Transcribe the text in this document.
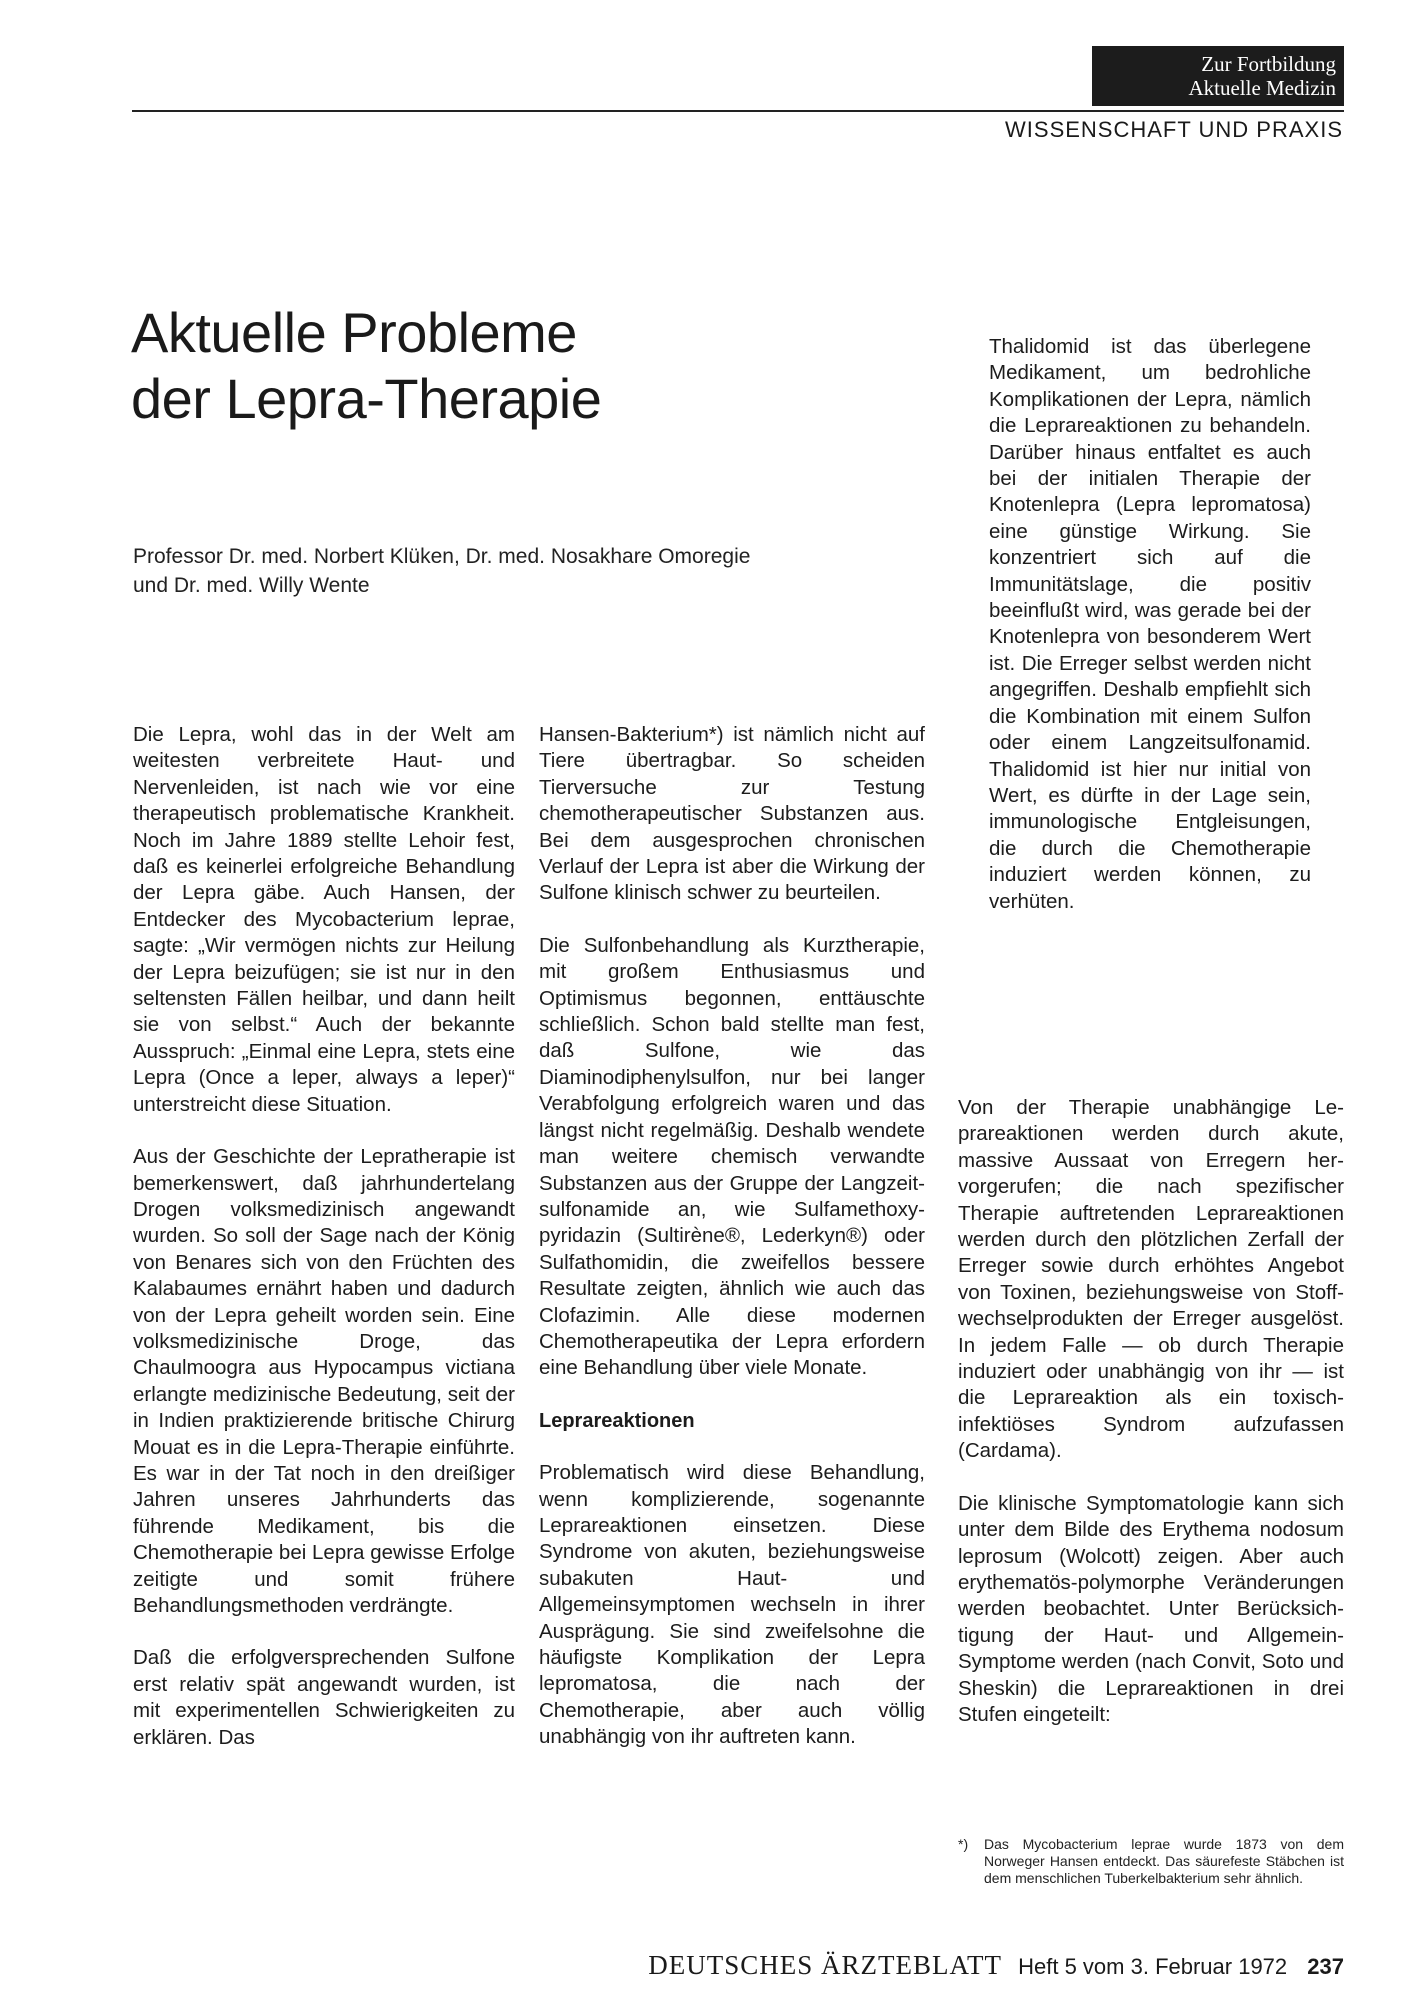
Zur Fortbildung
Aktuelle Medizin
WISSENSCHAFT UND PRAXIS
Aktuelle Probleme
der Lepra-Therapie
Professor Dr. med. Norbert Klüken, Dr. med. Nosakhare Omoregie
und Dr. med. Willy Wente

Die Lepra, wohl das in der Welt am weitesten verbreitete Haut- und Nervenleiden, ist nach wie vor eine therapeutisch problematische Krankheit. Noch im Jahre 1889 stellte Lehoir fest, daß es keinerlei erfolgreiche Behandlung der Lepra gäbe. Auch Hansen, der Entdecker des Mycobacterium leprae, sagte: „Wir vermögen nichts zur Heilung der Lepra beizufügen; sie ist nur in den seltensten Fällen heilbar, und dann heilt sie von selbst.“ Auch der bekannte Ausspruch: „Einmal eine Lepra, stets eine Lepra (Once a leper, always a leper)“ unterstreicht diese Situation.

Aus der Geschichte der Lepratherapie ist bemerkenswert, daß jahrhundertelang Drogen volksmedizinisch angewandt wurden. So soll der Sage nach der König von Benares sich von den Früchten des Kalabaumes ernährt haben und dadurch von der Lepra geheilt worden sein. Eine volksmedizinische Droge, das Chaulmoogra aus Hypocampus victiana erlangte medizinische Bedeutung, seit der in Indien praktizierende britische Chirurg Mouat es in die Lepra-Therapie einführte. Es war in der Tat noch in den dreißiger Jahren unseres Jahrhunderts das führende Medikament, bis die Chemotherapie bei Lepra gewisse Erfolge zeitigte und somit frühere Behandlungsmethoden verdrängte.

Daß die erfolgversprechenden Sulfone erst relativ spät angewandt wurden, ist mit experimentellen Schwierigkeiten zu erklären. Das

Hansen-Bakterium*) ist nämlich nicht auf Tiere übertragbar. So scheiden Tierversuche zur Testung chemotherapeutischer Substanzen aus. Bei dem ausgesprochen chronischen Verlauf der Lepra ist aber die Wirkung der Sulfone klinisch schwer zu beurteilen.

Die Sulfonbehandlung als Kurztherapie, mit großem Enthusiasmus und Optimismus begonnen, enttäuschte schließlich. Schon bald stellte man fest, daß Sulfone, wie das Diaminodiphenylsulfon, nur bei langer Verabfolgung erfolgreich waren und das längst nicht regelmäßig. Deshalb wendete man weitere chemisch verwandte Substanzen aus der Gruppe der Langzeitsulfonamide an, wie Sulfamethoxypyridazin (Sultirène®, Lederkyn®) oder Sulfathomidin, die zweifellos bessere Resultate zeigten, ähnlich wie auch das Clofazimin. Alle diese modernen Chemotherapeutika der Lepra erfordern eine Behandlung über viele Monate.

Leprareaktionen

Problematisch wird diese Behandlung, wenn komplizierende, sogenannte Leprareaktionen einsetzen. Diese Syndrome von akuten, beziehungsweise subakuten Haut- und Allgemeinsymptomen wechseln in ihrer Ausprägung. Sie sind zweifelsohne die häufigste Komplikation der Lepra lepromatosa, die nach der Chemotherapie, aber auch völlig unabhängig von ihr auftreten kann.

Thalidomid ist das überlegene Medikament, um bedrohliche Komplikationen der Lepra, nämlich die Leprareaktionen zu behandeln. Darüber hinaus entfaltet es auch bei der initialen Therapie der Knotenlepra (Lepra lepromatosa) eine günstige Wirkung. Sie konzentriert sich auf die Immunitätslage, die positiv beeinflußt wird, was gerade bei der Knotenlepra von besonderem Wert ist. Die Erreger selbst werden nicht angegriffen. Deshalb empfiehlt sich die Kombination mit einem Sulfon oder einem Langzeitsulfonamid. Thalidomid ist hier nur initial von Wert, es dürfte in der Lage sein, immunologische Entgleisungen, die durch die Chemotherapie induziert werden können, zu verhüten.

Von der Therapie unabhängige Leprareaktionen werden durch akute, massive Aussaat von Erregern hervorgerufen; die nach spezifischer Therapie auftretenden Leprareaktionen werden durch den plötzlichen Zerfall der Erreger sowie durch erhöhtes Angebot von Toxinen, beziehungsweise von Stoffwechselprodukten der Erreger ausgelöst. In jedem Falle — ob durch Therapie induziert oder unabhängig von ihr — ist die Leprareaktion als ein toxisch-infektiöses Syndrom aufzufassen (Cardama).

Die klinische Symptomatologie kann sich unter dem Bilde des Erythema nodosum leprosum (Wolcott) zeigen. Aber auch erythematös-polymorphe Veränderungen werden beobachtet. Unter Berücksichtigung der Haut- und Allgemein-Symptome werden (nach Convit, Soto und Sheskin) die Leprareaktionen in drei Stufen eingeteilt:

*)	Das Mycobacterium leprae wurde 1873 von dem Norweger Hansen entdeckt. Das säurefeste Stäbchen ist dem menschlichen Tuberkelbakterium sehr ähnlich.
DEUTSCHES ÄRZTEBLATT Heft 5 vom 3. Februar 1972 237
